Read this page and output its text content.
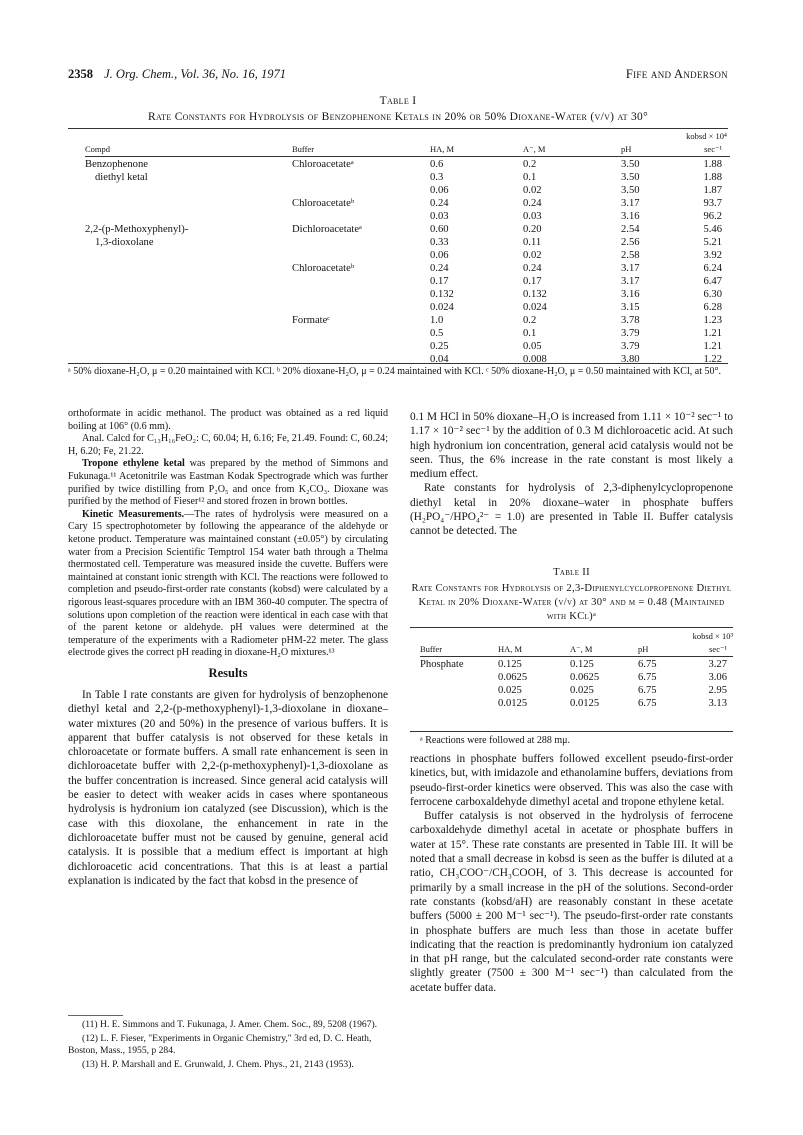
2358 J. Org. Chem., Vol. 36, No. 16, 1971	Fife and Anderson
Table I
Rate Constants for Hydrolysis of Benzophenone Ketals in 20% or 50% Dioxane-Water (v/v) at 30°
Compd	Buffer	HA, M	A⁻, M	pH	kobsd × 10⁴
					sec⁻¹

Benzophenone	Chloroacetateᵃ	0.6	0.2	3.50	1.88
diethyl ketal		0.3	0.1	3.50	1.88
		0.06	0.02	3.50	1.87
	Chloroacetateᵇ	0.24	0.24	3.17	93.7
		0.03	0.03	3.16	96.2
2,2-(p-Methoxyphenyl)-	Dichloroacetateᵃ	0.60	0.20	2.54	5.46
1,3-dioxolane		0.33	0.11	2.56	5.21
		0.06	0.02	2.58	3.92
	Chloroacetateᵇ	0.24	0.24	3.17	6.24
		0.17	0.17	3.17	6.47
		0.132	0.132	3.16	6.30
		0.024	0.024	3.15	6.28
	Formateᶜ	1.0	0.2	3.78	1.23
		0.5	0.1	3.79	1.21
		0.25	0.05	3.79	1.21
		0.04	0.008	3.80	1.22
ᵃ 50% dioxane-H₂O, μ = 0.20 maintained with KCl. ᵇ 20% dioxane-H₂O, μ = 0.24 maintained with KCl. ᶜ 50% dioxane-H₂O, μ = 0.50 maintained with KCl, at 50°.

orthoformate in acidic methanol. The product was obtained as a red liquid boiling at 106° (0.6 mm).

Anal. Calcd for C₁₃H₁₆FeO₂: C, 60.04; H, 6.16; Fe, 21.49. Found: C, 60.24; H, 6.20; Fe, 21.22.

Tropone ethylene ketal was prepared by the method of Simmons and Fukunaga.¹¹ Acetonitrile was Eastman Kodak Spectrograde which was further purified by twice distilling from P₂O₅ and once from K₂CO₃. Dioxane was purified by the method of Fieser¹² and stored frozen in brown bottles.

Kinetic Measurements.—The rates of hydrolysis were measured on a Cary 15 spectrophotometer by following the appearance of the aldehyde or ketone product. Temperature was maintained constant (±0.05°) by circulating water from a Precision Scientific Temptrol 154 water bath through a Thelma thermostated cell. Temperature was measured inside the cuvette. Buffers were maintained at constant ionic strength with KCl. The reactions were followed to completion and pseudo-first-order rate constants (kobsd) were calculated by a rigorous least-squares procedure with an IBM 360-40 computer. The spectra of solutions upon completion of the reaction were identical in each case with that of the parent ketone or aldehyde. pH values were determined at the temperature of the experiments with a Radiometer pHM-22 meter. The glass electrode gives the correct pH reading in dioxane-H₂O mixtures.¹³

Results

In Table I rate constants are given for hydrolysis of benzophenone diethyl ketal and 2,2-(p-methoxyphenyl)-1,3-dioxolane in dioxane–water mixtures (20 and 50%) in the presence of various buffers. It is apparent that buffer catalysis is not observed for these ketals in chloroacetate or formate buffers. A small rate enhancement is seen in dichloroacetate buffer with 2,2-(p-methoxyphenyl)-1,3-dioxolane as the buffer concentration is increased. Since general acid catalysis will be easier to detect with weaker acids in cases where spontaneous hydrolysis is hydronium ion catalyzed (see Discussion), which is the case with this dioxolane, the enhancement in rate in the dichloroacetate buffer must not be caused by genuine, general acid catalysis. It is possible that a medium effect is important at high dichloroacetic acid concentrations. That this is at least a partial explanation is indicated by the fact that kobsd in the presence of

(11) H. E. Simmons and T. Fukunaga, J. Amer. Chem. Soc., 89, 5208 (1967).

(12) L. F. Fieser, "Experiments in Organic Chemistry," 3rd ed, D. C. Heath, Boston, Mass., 1955, p 284.

(13) H. P. Marshall and E. Grunwald, J. Chem. Phys., 21, 2143 (1953).

0.1 M HCl in 50% dioxane–H₂O is increased from 1.11 × 10⁻² sec⁻¹ to 1.17 × 10⁻² sec⁻¹ by the addition of 0.3 M dichloroacetic acid. At such high hydronium ion concentration, general acid catalysis would not be seen. Thus, the 6% increase in the rate constant is most likely a medium effect.

Rate constants for hydrolysis of 2,3-diphenylcyclopropenone diethyl ketal in 20% dioxane–water in phosphate buffers (H₂PO₄⁻/HPO₄²⁻ = 1.0) are presented in Table II. Buffer catalysis cannot be detected. The

Table II
Rate Constants for Hydrolysis of 2,3-Diphenylcyclopropenone Diethyl Ketal in 20% Dioxane-Water (v/v) at 30° and μ = 0.48 (Maintained with KCl)ᵃ
Buffer	HA, M	A⁻, M	pH	kobsd × 10³
				sec⁻¹

Phosphate	0.125	0.125	6.75	3.27
	0.0625	0.0625	6.75	3.06
	0.025	0.025	6.75	2.95
	0.0125	0.0125	6.75	3.13
ᵃ Reactions were followed at 288 mμ.

reactions in phosphate buffers followed excellent pseudo-first-order kinetics, but, with imidazole and ethanolamine buffers, deviations from pseudo-first-order kinetics were observed. This was also the case with ferrocene carboxaldehyde dimethyl acetal and tropone ethylene ketal.

Buffer catalysis is not observed in the hydrolysis of ferrocene carboxaldehyde dimethyl acetal in acetate or phosphate buffers in water at 15°. These rate constants are presented in Table III. It will be noted that a small decrease in kobsd is seen as the buffer is diluted at a ratio, CH₃COO⁻/CH₃COOH, of 3. This decrease is accounted for primarily by a small increase in the pH of the solutions. Second-order rate constants (kobsd/aH) are reasonably constant in these acetate buffers (5000 ± 200 M⁻¹ sec⁻¹). The pseudo-first-order rate constants in phosphate buffers are much less than those in acetate buffer indicating that the reaction is predominantly hydronium ion catalyzed in that pH range, but the calculated second-order rate constants were slightly greater (7500 ± 300 M⁻¹ sec⁻¹) than calculated from the acetate buffer data.
